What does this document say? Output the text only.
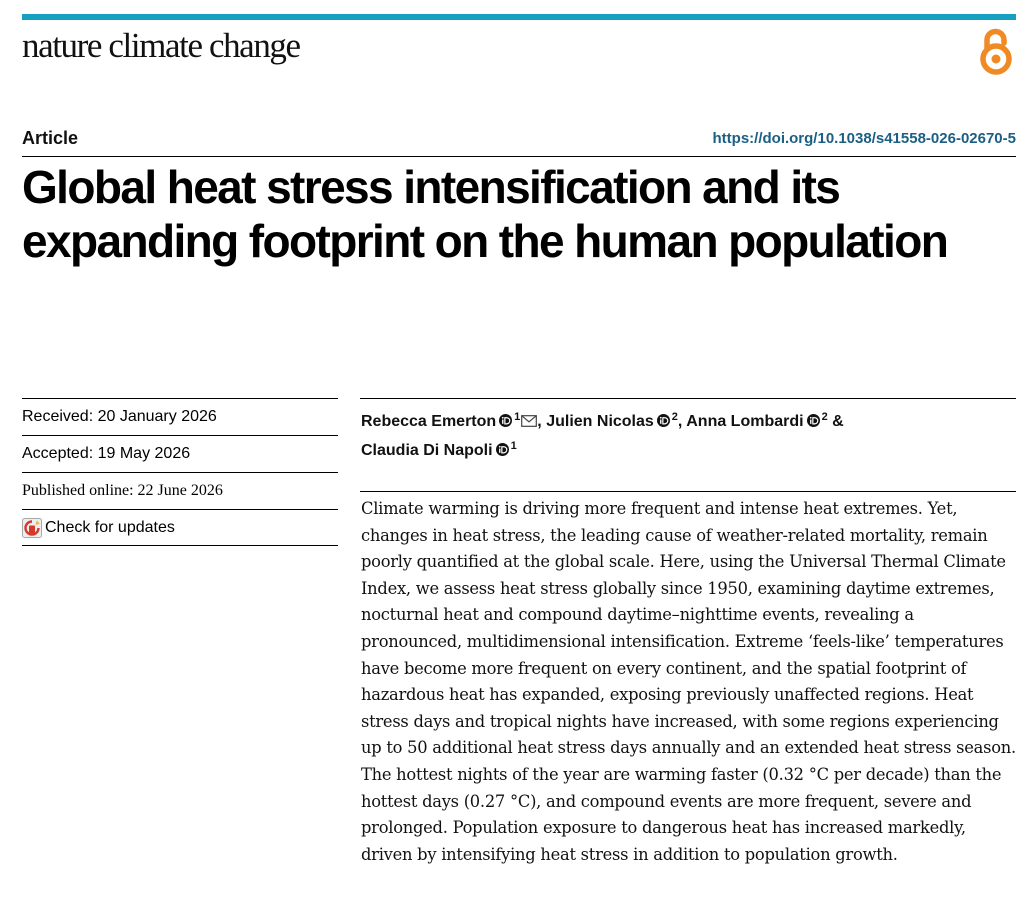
nature climate change
Article	https://doi.org/10.1038/s41558-026-02670-5
Global heat stress intensification and its expanding footprint on the human population
Received: 20 January 2026
Accepted: 19 May 2026
Published online: 22 June 2026
Check for updates
Rebecca Emerton $^1$ , Julien Nicolas $^2$, Anna Lombardi $^2$ &
Claudia Di Napoli $^1$

Climate warming is driving more frequent and intense heat extremes. Yet, changes in heat stress, the leading cause of weather-related mortality, remain poorly quantified at the global scale. Here, using the Universal Thermal Climate Index, we assess heat stress globally since 1950, examining daytime extremes, nocturnal heat and compound daytime–nighttime events, revealing a pronounced, multidimensional intensification. Extreme ‘feels-like’ temperatures have become more frequent on every continent, and the spatial footprint of hazardous heat has expanded, exposing previously unaffected regions. Heat stress days and tropical nights have increased, with some regions experiencing up to 50 additional heat stress days annually and an extended heat stress season. The hottest nights of the year are warming faster (0.32 °C per decade) than the hottest days (0.27 °C), and compound events are more frequent, severe and prolonged. Population exposure to dangerous heat has increased markedly, driven by intensifying heat stress in addition to population growth.
